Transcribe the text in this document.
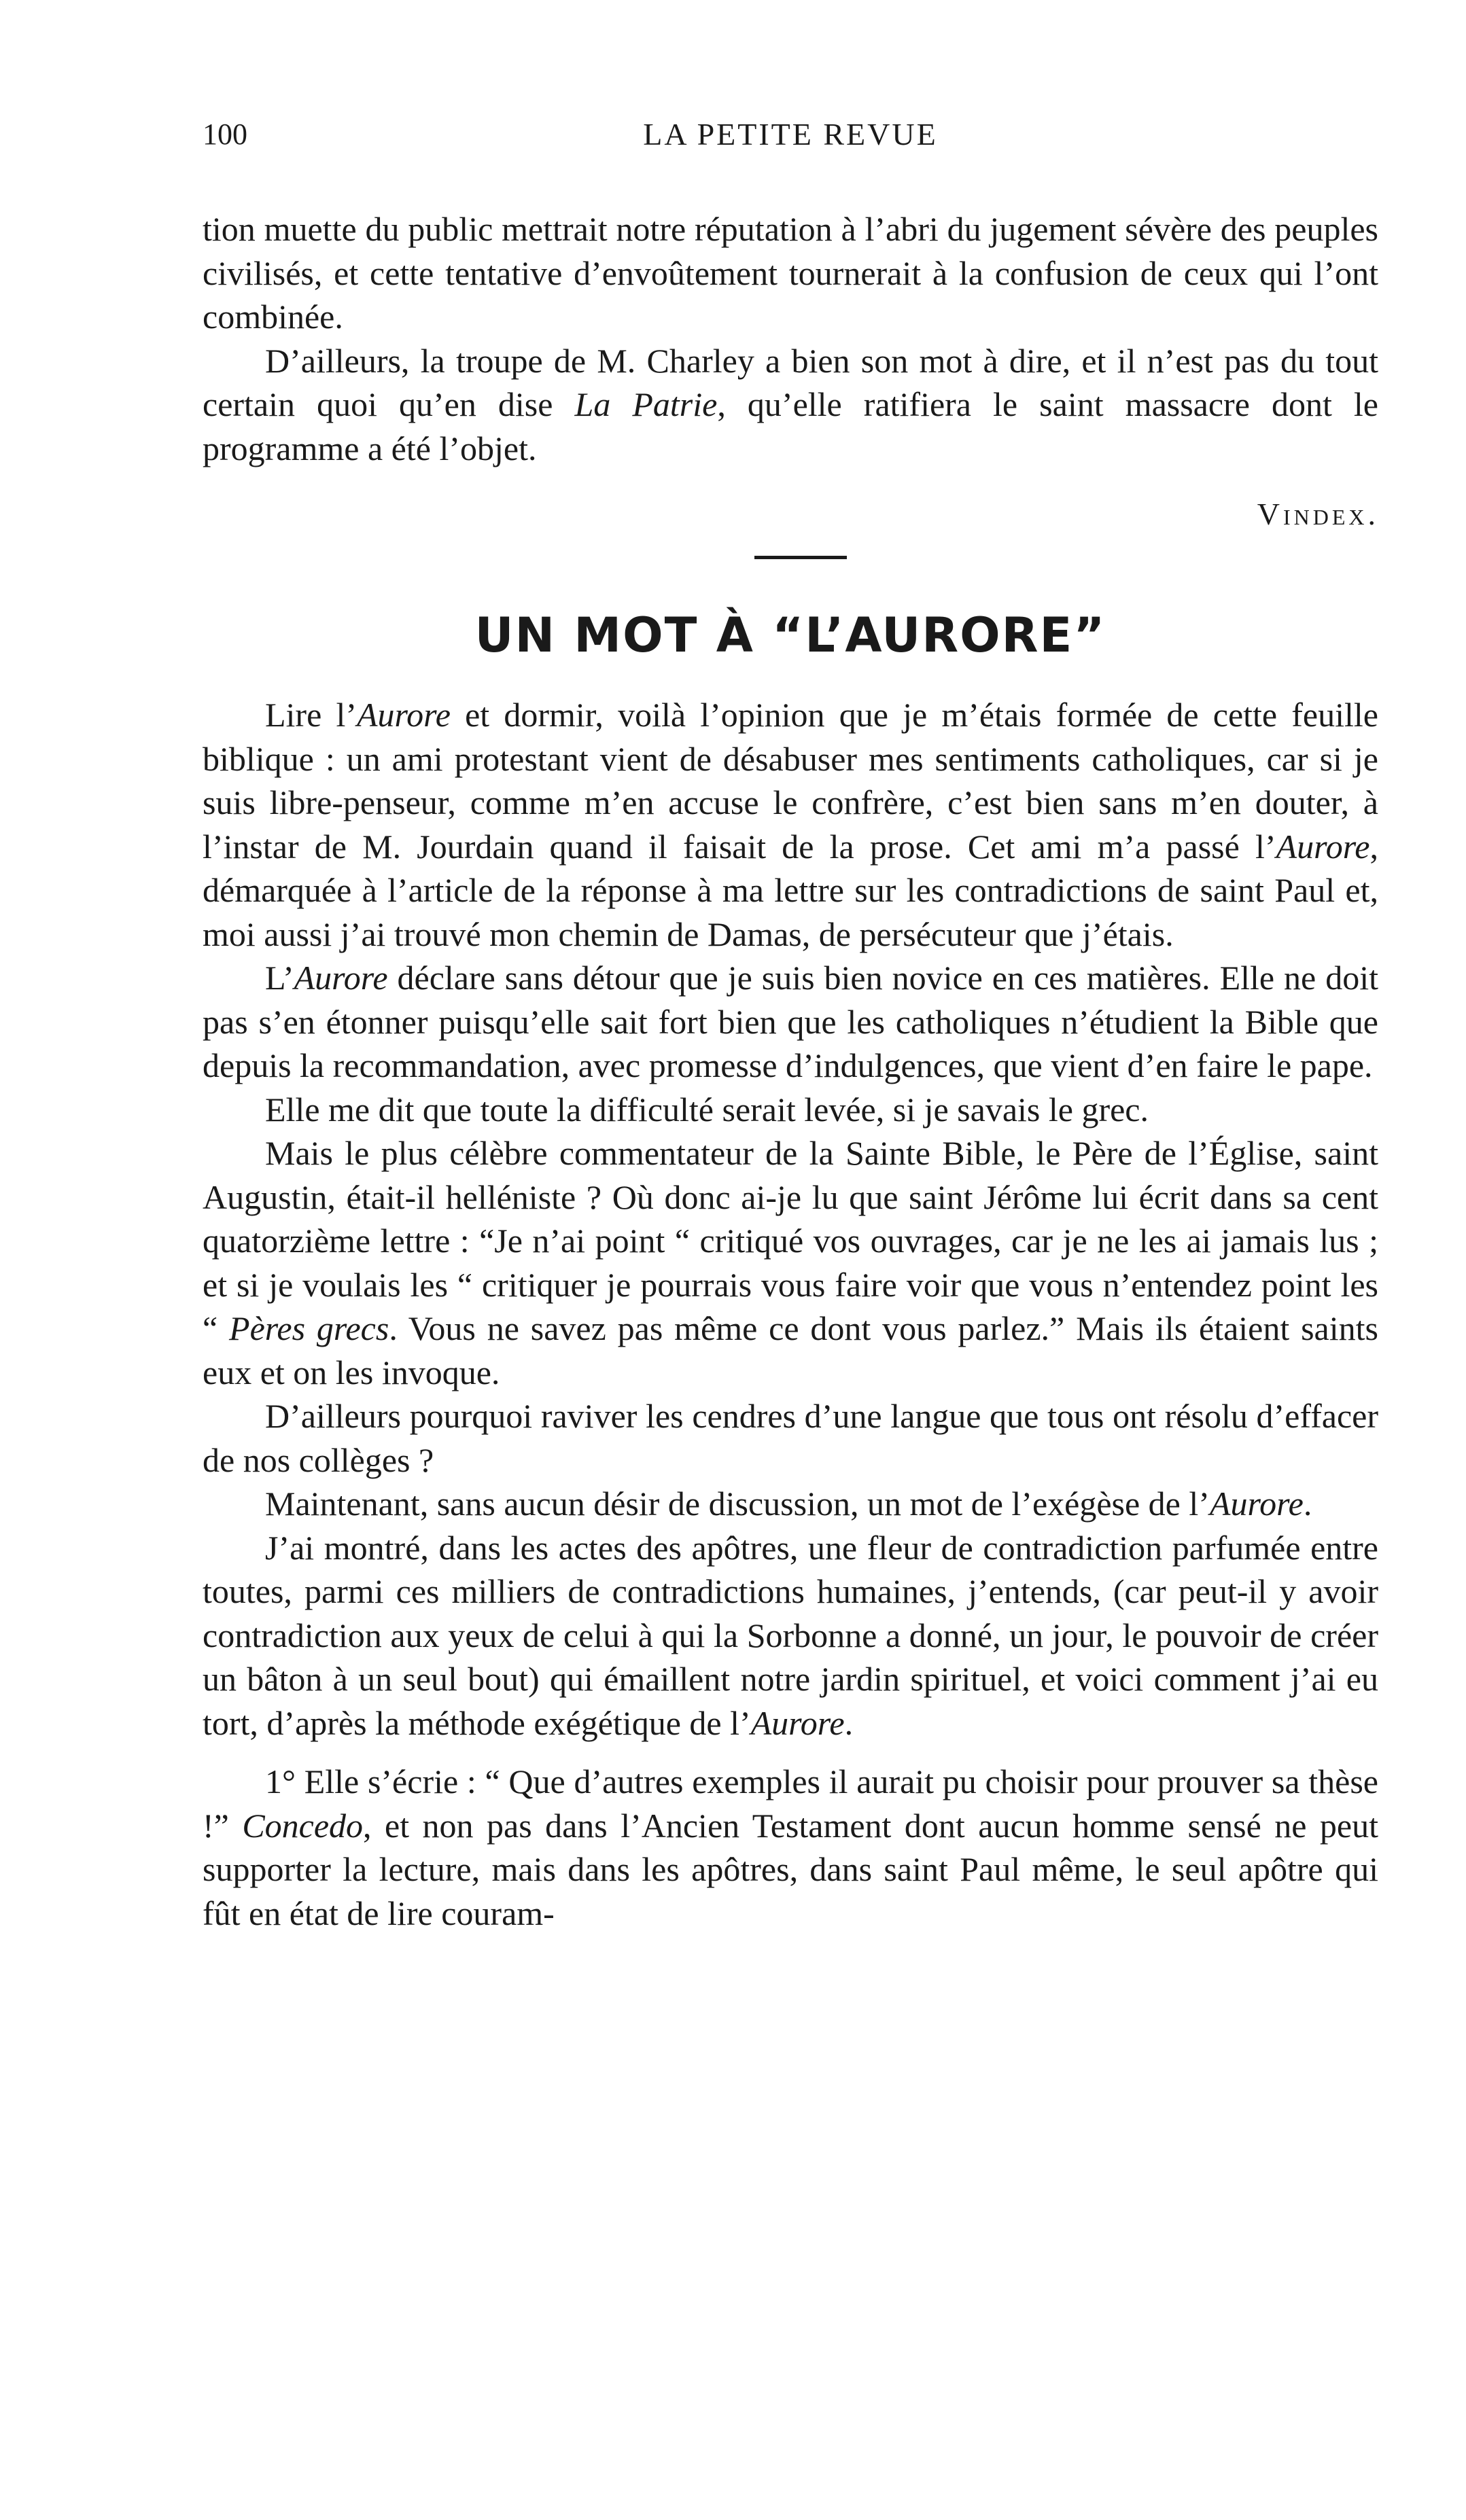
100	LA PETITE REVUE

tion muette du public mettrait notre réputation à l’abri du jugement sévère des peuples civilisés, et cette tentative d’envoûtement tournerait à la confusion de ceux qui l’ont combinée.

D’ailleurs, la troupe de M. Charley a bien son mot à dire, et il n’est pas du tout certain quoi qu’en dise La Patrie, qu’elle ratifiera le saint massacre dont le programme a été l’objet.

Vindex.
UN MOT À “L’AURORE”

Lire l’Aurore et dormir, voilà l’opinion que je m’étais formée de cette feuille biblique : un ami protestant vient de désabuser mes sentiments catholiques, car si je suis libre-penseur, comme m’en accuse le confrère, c’est bien sans m’en douter, à l’instar de M. Jourdain quand il faisait de la prose. Cet ami m’a passé l’Aurore, démarquée à l’article de la réponse à ma lettre sur les contradictions de saint Paul et, moi aussi j’ai trouvé mon chemin de Damas, de persécuteur que j’étais.

L’Aurore déclare sans détour que je suis bien novice en ces matières. Elle ne doit pas s’en étonner puisqu’elle sait fort bien que les catholiques n’étudient la Bible que depuis la recommandation, avec promesse d’indulgences, que vient d’en faire le pape.

Elle me dit que toute la difficulté serait levée, si je savais le grec.

Mais le plus célèbre commentateur de la Sainte Bible, le Père de l’Église, saint Augustin, était-il helléniste ? Où donc ai-je lu que saint Jérôme lui écrit dans sa cent quatorzième lettre : “Je n’ai point “ critiqué vos ouvrages, car je ne les ai jamais lus ; et si je voulais les “ critiquer je pourrais vous faire voir que vous n’entendez point les “ Pères grecs. Vous ne savez pas même ce dont vous parlez.” Mais ils étaient saints eux et on les invoque.

D’ailleurs pourquoi raviver les cendres d’une langue que tous ont résolu d’effacer de nos collèges ?

Maintenant, sans aucun désir de discussion, un mot de l’exégèse de l’Aurore.

J’ai montré, dans les actes des apôtres, une fleur de contradiction parfumée entre toutes, parmi ces milliers de contradictions humaines, j’entends, (car peut-il y avoir contradiction aux yeux de celui à qui la Sorbonne a donné, un jour, le pouvoir de créer un bâton à un seul bout) qui émaillent notre jardin spirituel, et voici comment j’ai eu tort, d’après la méthode exégétique de l’Aurore.

1° Elle s’écrie : “ Que d’autres exemples il aurait pu choisir pour prouver sa thèse !” Concedo, et non pas dans l’Ancien Testament dont aucun homme sensé ne peut supporter la lecture, mais dans les apôtres, dans saint Paul même, le seul apôtre qui fût en état de lire couram-
